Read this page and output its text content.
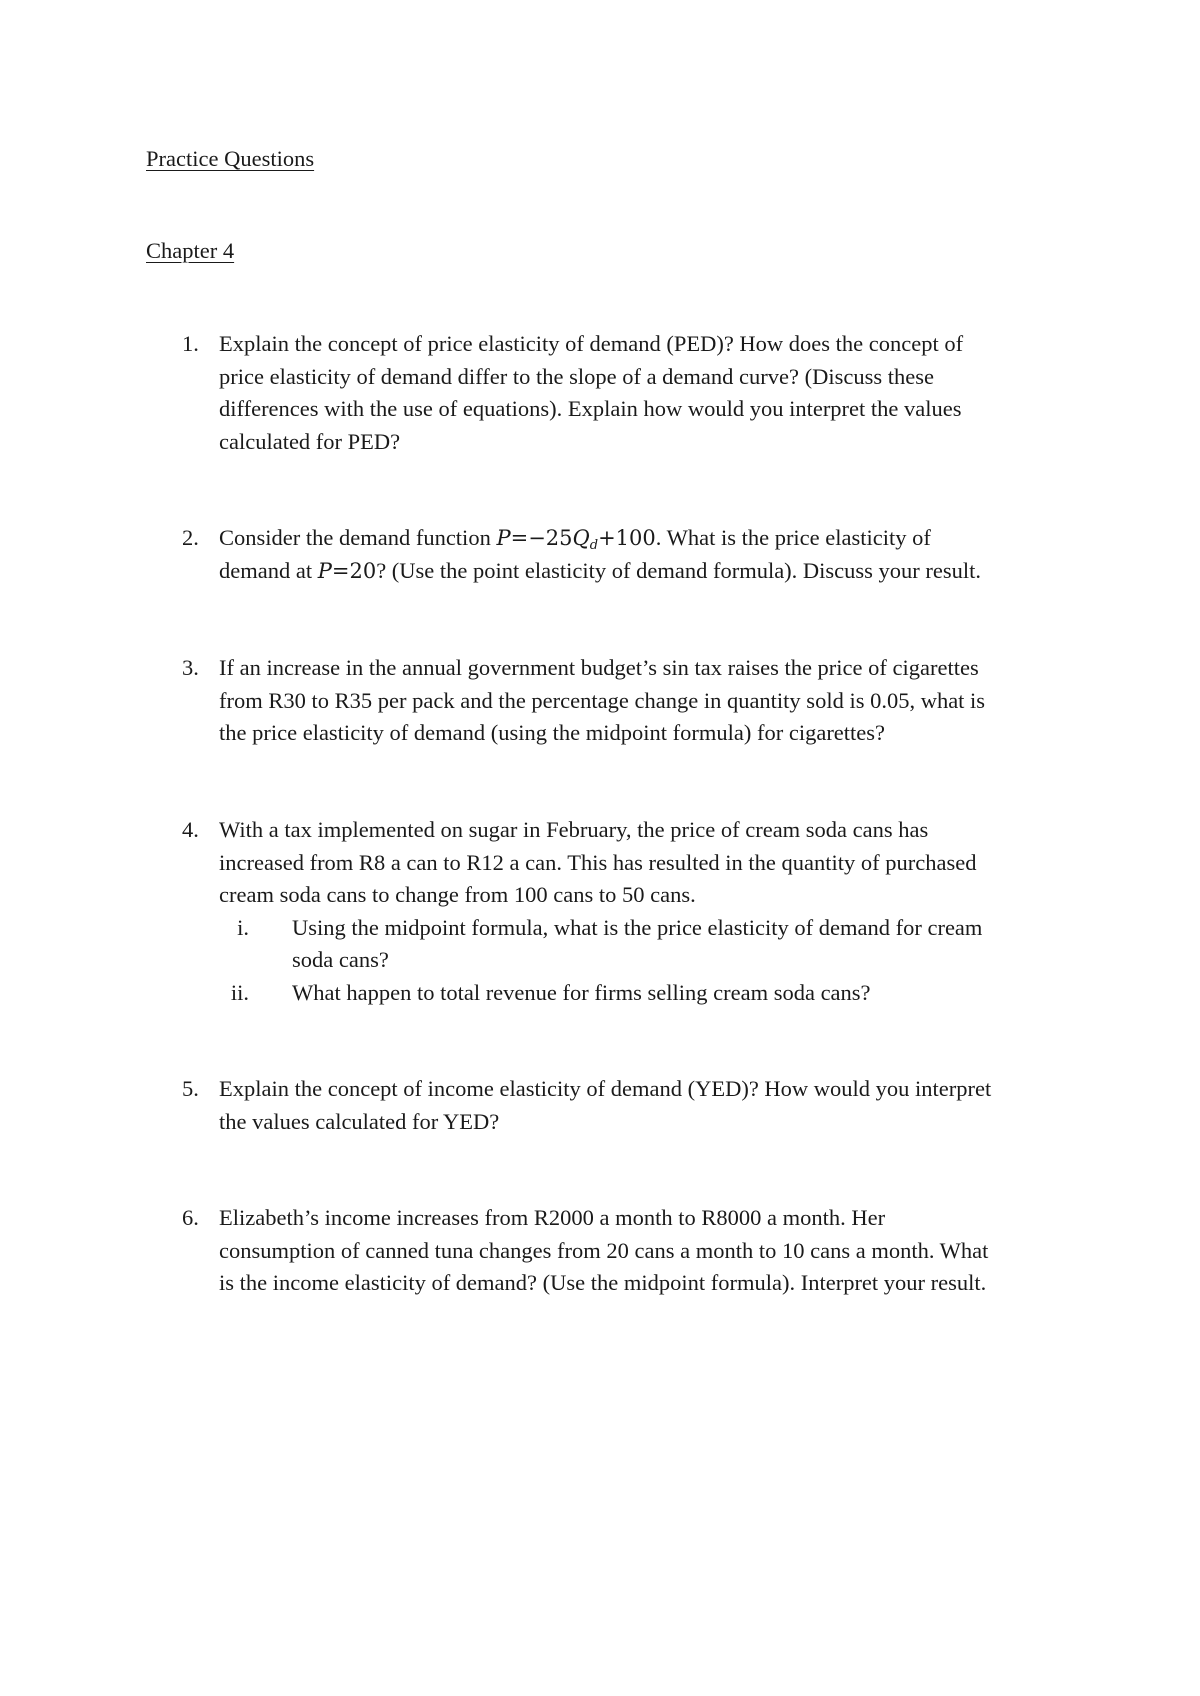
Practice Questions
Chapter 4
1. Explain the concept of price elasticity of demand (PED)? How does the concept of
price elasticity of demand differ to the slope of a demand curve? (Discuss these
differences with the use of equations). Explain how would you interpret the values
calculated for PED?
2. Consider the demand function $P=-25Q_d+100$. What is the price elasticity of
demand at P=20? (Use the point elasticity of demand formula). Discuss your result.
3. If an increase in the annual government budget’s sin tax raises the price of cigarettes
from R30 to R35 per pack and the percentage change in quantity sold is 0.05, what is
the price elasticity of demand (using the midpoint formula) for cigarettes?
4. With a tax implemented on sugar in February, the price of cream soda cans has
increased from R8 a can to R12 a can. This has resulted in the quantity of purchased
cream soda cans to change from 100 cans to 50 cans.
i. Using the midpoint formula, what is the price elasticity of demand for cream
soda cans?
ii. What happen to total revenue for firms selling cream soda cans?
5. Explain the concept of income elasticity of demand (YED)? How would you interpret
the values calculated for YED?
6. Elizabeth’s income increases from R2000 a month to R8000 a month. Her
consumption of canned tuna changes from 20 cans a month to 10 cans a month. What
is the income elasticity of demand? (Use the midpoint formula). Interpret your result.
